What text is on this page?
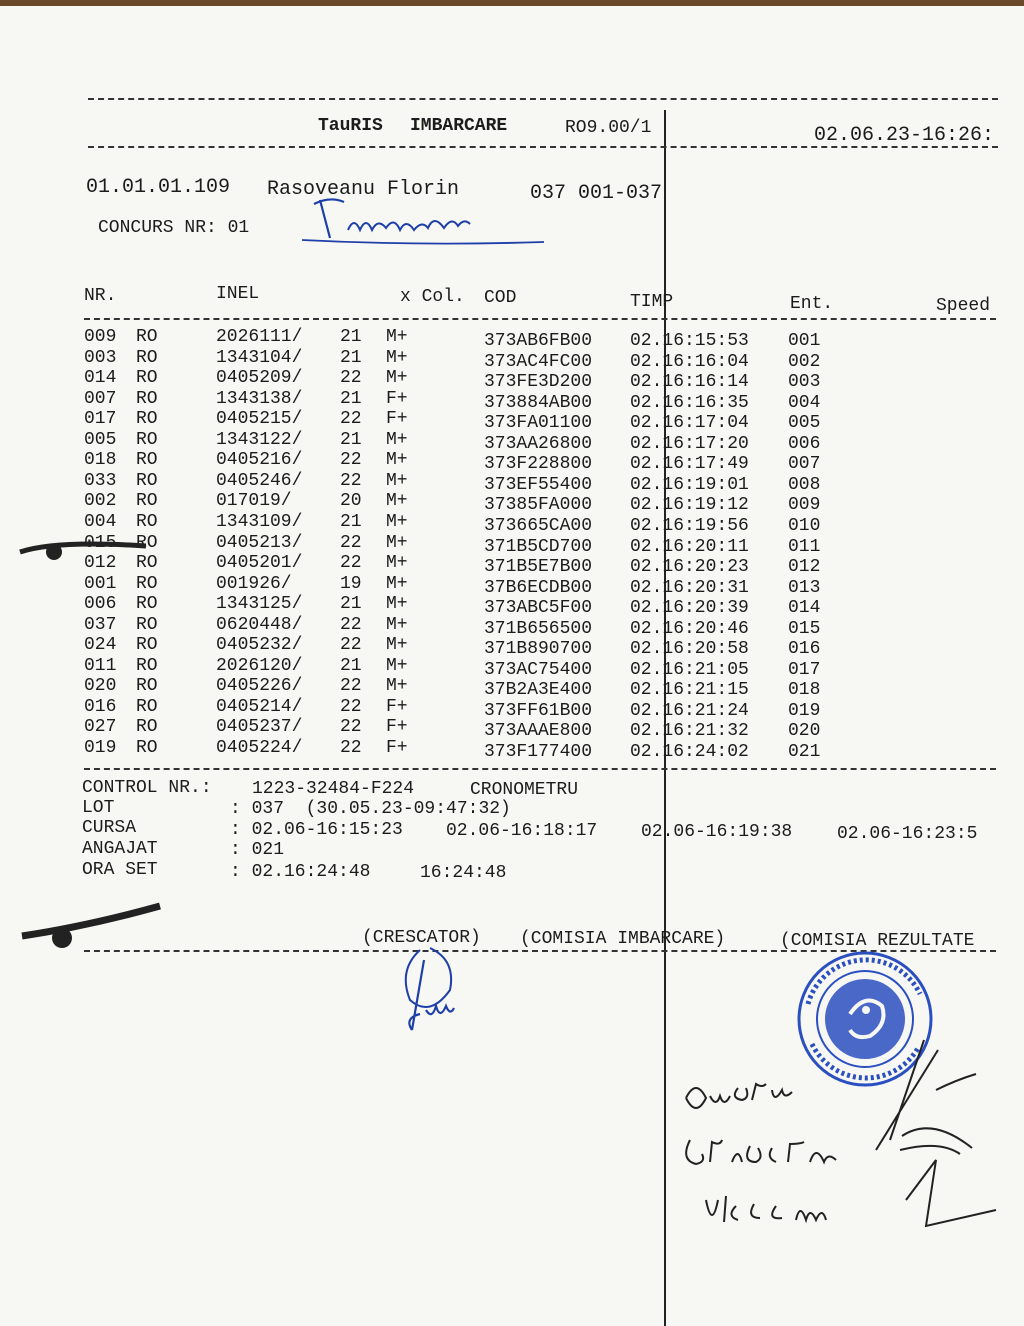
TauRIS IMBARCARE	RO9.00/1	02.06.23-16:26:
01.01.01.109 Rasoveanu Florin	037 001-037
CONCURS NR: 01
NR.	INEL	x Col. COD	TIMP	Ent.	Speed
009 RO	2026111/ 21 M+	373AB6FB00 02.16:15:53 001
003 RO	1343104/ 21 M+	373AC4FC00 02.16:16:04 002
014 RO	0405209/ 22 M+	373FE3D200 02.16:16:14 003
007 RO	1343138/ 21 F+	373884AB00 02.16:16:35 004
017 RO	0405215/ 22 F+	373FA01100 02.16:17:04 005
005 RO	1343122/ 21 M+	373AA26800 02.16:17:20 006
018 RO	0405216/ 22 M+	373F228800 02.16:17:49 007
033 RO	0405246/ 22 M+	373EF55400 02.16:19:01 008
002 RO	017019/	20 M+	37385FA000 02.16:19:12 009
004 RO	1343109/ 21 M+	373665CA00 02.16:19:56 010
015 RO	0405213/ 22 M+	371B5CD700 02.16:20:11 011
012 RO	0405201/ 22 M+	371B5E7B00 02.16:20:23 012
001 RO	001926/	19 M+	37B6ECDB00 02.16:20:31 013
006 RO	1343125/ 21 M+	373ABC5F00 02.16:20:39 014
037 RO	0620448/ 22 M+	371B656500 02.16:20:46 015
024 RO	0405232/ 22 M+	371B890700 02.16:20:58 016
011 RO	2026120/ 21 M+	373AC75400 02.16:21:05 017
020 RO	0405226/ 22 M+	37B2A3E400 02.16:21:15 018
016 RO	0405214/ 22 F+	373FF61B00 02.16:21:24 019
027 RO	0405237/ 22 F+	373AAAE800 02.16:21:32 020
019 RO	0405224/ 22 F+	373F177400 02.16:24:02 021
CONTROL NR.: 1223-32484-F224	CRONOMETRU
LOT	: 037  (30.05.23-09:47:32)
CURSA	: 02.06-16:15:23 02.06-16:18:17 02.06-16:19:38 02.06-16:23:5
ANGAJAT	: 021
ORA SET	: 02.16:24:48	16:24:48
(CRESCATOR) (COMISIA IMBARCARE)	(COMISIA REZULTATE
